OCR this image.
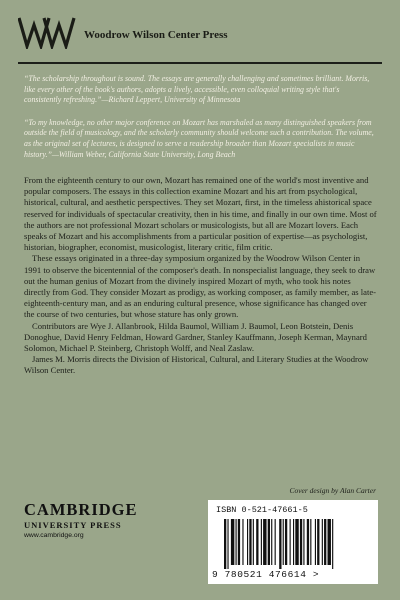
Woodrow Wilson Center Press

“The scholarship throughout is sound. The essays are generally challenging and sometimes brilliant. Morris, like every other of the book's authors, adopts a lively, accessible, even colloquial writing style that's consistently refreshing.”—Richard Leppert, University of Minnesota

“To my knowledge, no other major conference on Mozart has marshaled as many distinguished speakers from outside the field of musicology, and the scholarly community should welcome such a contribution. The volume, as the original set of lectures, is designed to serve a readership broader than Mozart specialists in music history.”—William Weber, California State University, Long Beach

From the eighteenth century to our own, Mozart has remained one of the world's most inventive and popular composers. The essays in this collection examine Mozart and his art from psychological, historical, cultural, and aesthetic perspectives. They set Mozart, first, in the timeless ahistorical space reserved for individuals of spectacular creativity, then in his time, and finally in our own time. Most of the authors are not professional Mozart scholars or musicologists, but all are Mozart lovers. Each speaks of Mozart and his accomplishments from a particular position of expertise—as psychologist, historian, biographer, economist, musicologist, literary critic, film critic.

These essays originated in a three-day symposium organized by the Woodrow Wilson Center in 1991 to observe the bicentennial of the composer's death. In nonspecialist language, they seek to draw out the human genius of Mozart from the divinely inspired Mozart of myth, who took his notes directly from God. They consider Mozart as prodigy, as working composer, as family member, as late-eighteenth-century man, and as an enduring cultural presence, whose significance has changed over the course of two centuries, but whose stature has only grown.

Contributors are Wye J. Allanbrook, Hilda Baumol, William J. Baumol, Leon Botstein, Denis Donoghue, David Henry Feldman, Howard Gardner, Stanley Kauffmann, Joseph Kerman, Maynard Solomon, Michael P. Steinberg, Christoph Wolff, and Neal Zaslaw.

James M. Morris directs the Division of Historical, Cultural, and Literary Studies at the Woodrow Wilson Center.

Cover design by Alan Carter
CAMBRIDGE
UNIVERSITY PRESS
www.cambridge.org
ISBN 0-521-47661-5
9 780521 476614 >
